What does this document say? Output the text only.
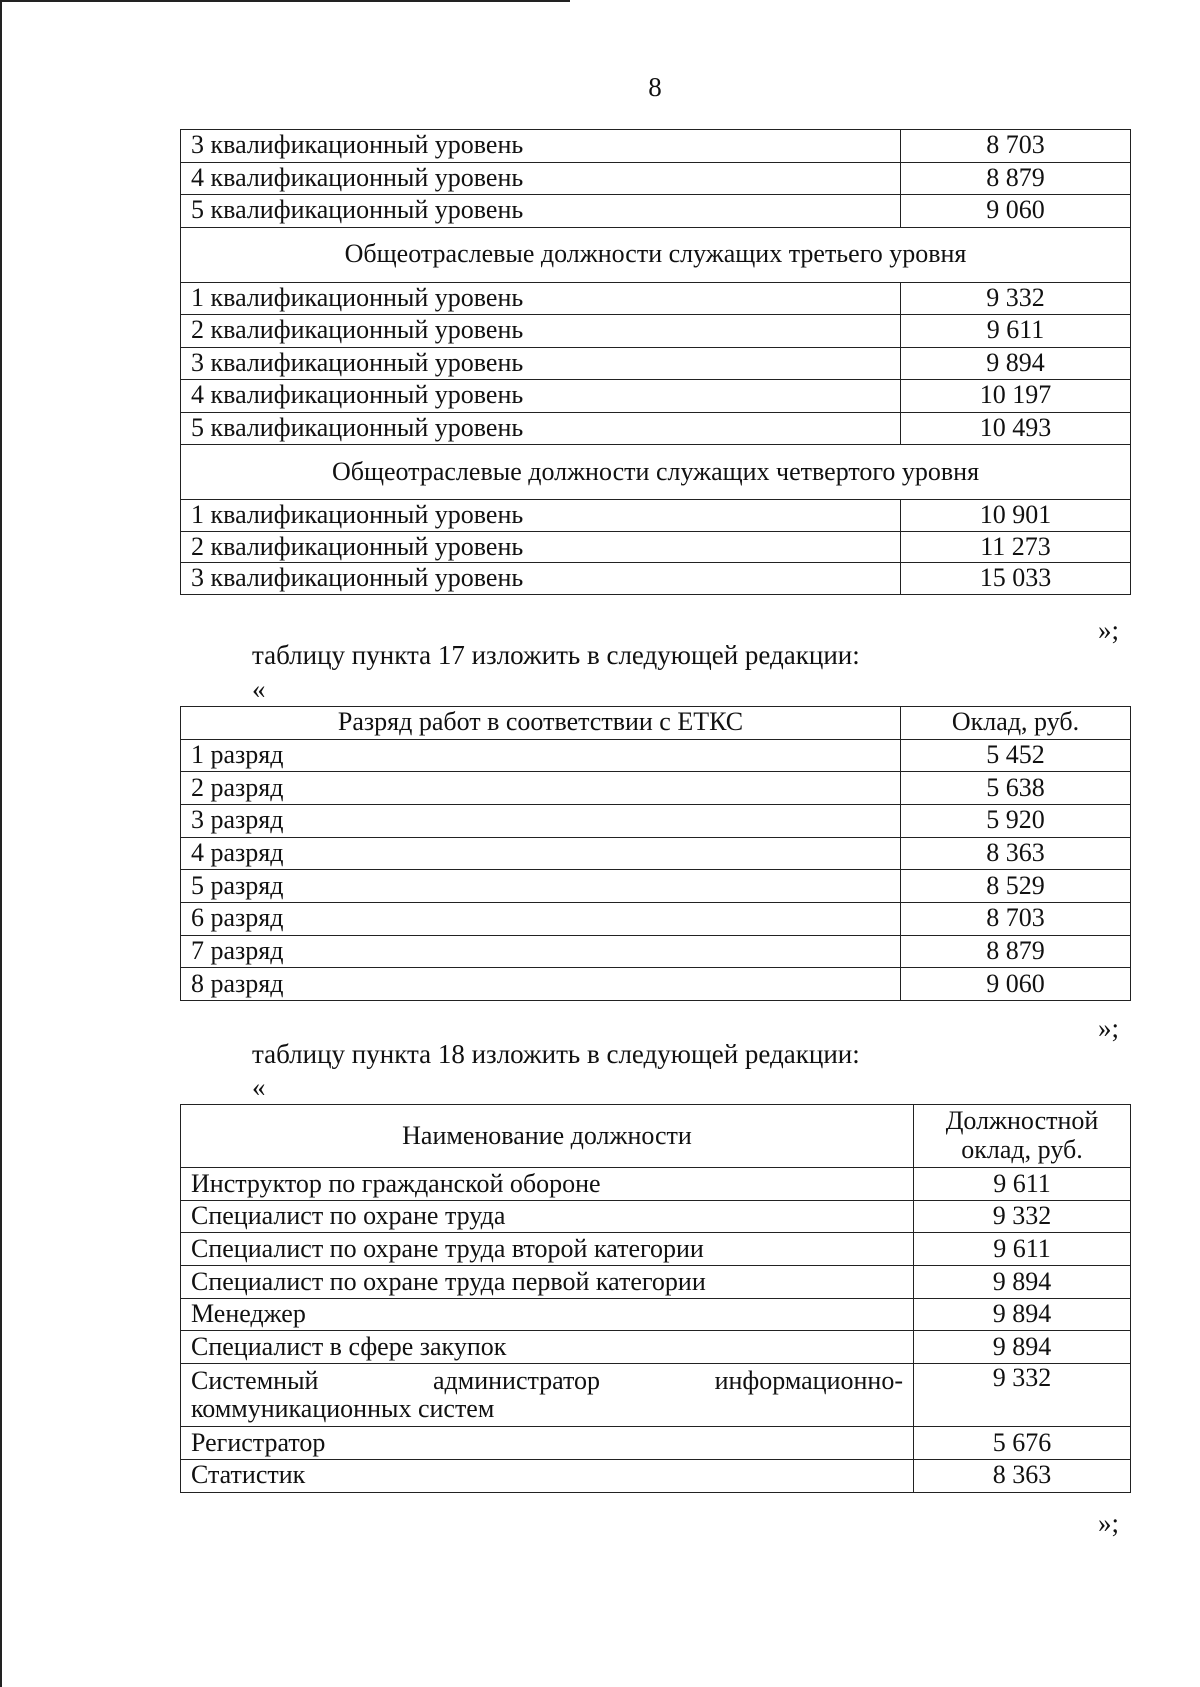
8
3 квалификационный уровень	8 703
4 квалификационный уровень	8 879
5 квалификационный уровень	9 060
Общеотраслевые должности служащих третьего уровня	
1 квалификационный уровень	9 332
2 квалификационный уровень	9 611
3 квалификационный уровень	9 894
4 квалификационный уровень	10 197
5 квалификационный уровень	10 493
Общеотраслевые должности служащих четвертого уровня	
1 квалификационный уровень	10 901
2 квалификационный уровень	11 273
3 квалификационный уровень	15 033
»;
таблицу пункта 17 изложить в следующей редакции:
«
Разряд работ в соответствии с ЕТКС	Оклад, руб.
1 разряд	5 452
2 разряд	5 638
3 разряд	5 920
4 разряд	8 363
5 разряд	8 529
6 разряд	8 703
7 разряд	8 879
8 разряд	9 060
»;
таблицу пункта 18 изложить в следующей редакции:
«
Наименование должности	Должностной оклад, руб.
Инструктор по гражданской обороне	9 611
Специалист по охране труда	9 332
Специалист по охране труда второй категории	9 611
Специалист по охране труда первой категории	9 894
Менеджер	9 894
Специалист в сфере закупок	9 894
Системный администратор информационно-коммуникационных систем	9 332
Регистратор	5 676
Статистик	8 363
»;
